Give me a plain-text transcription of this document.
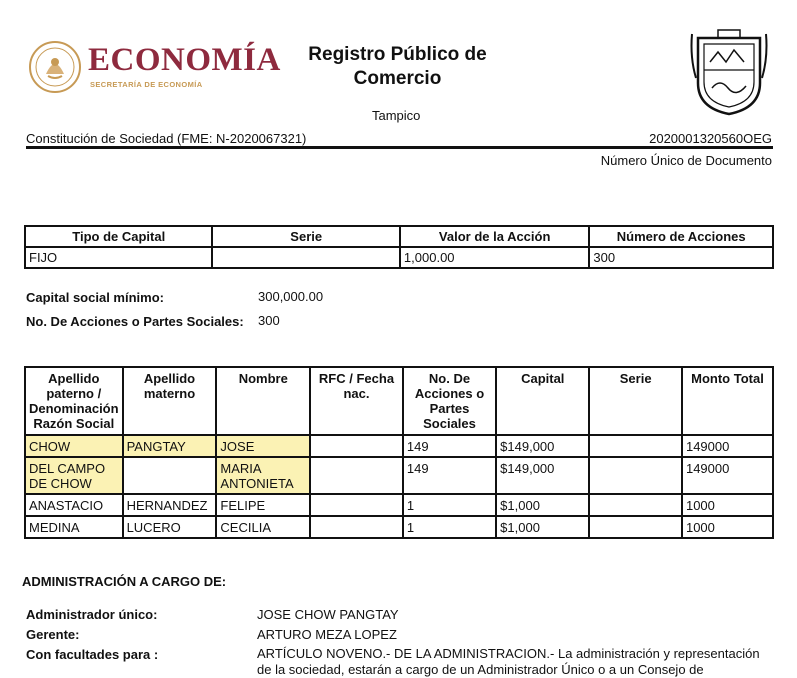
ECONOMÍA
SECRETARÍA DE ECONOMÍA
Registro Público de
Comercio
Tampico
Constitución de Sociedad (FME: N-2020067321)	2020001320560OEG
Número Único de Documento
Tipo de Capital	Serie	Valor de la Acción	Número de Acciones
FIJO		1,000.00	300
Capital social mínimo:	300,000.00
No. De Acciones o Partes Sociales: 300
Apellido paterno / Denominación Razón Social	Apellido materno	Nombre	RFC / Fecha nac.	No. De Acciones o Partes Sociales	Capital	Serie	Monto Total
CHOW	PANGTAY	JOSE		149	$149,000		149000
DEL CAMPO DE CHOW		MARIA ANTONIETA		149	$149,000		149000
ANASTACIO	HERNANDEZ	FELIPE		1	$1,000		1000
MEDINA	LUCERO	CECILIA		1	$1,000		1000
ADMINISTRACIÓN A CARGO DE:
Administrador único:	JOSE CHOW PANGTAY
Gerente:	ARTURO MEZA LOPEZ
Con facultades para :	ARTÍCULO NOVENO.- DE LA ADMINISTRACION.- La administración y representación de la sociedad, estarán a cargo de un Administrador Único o a un Consejo de
